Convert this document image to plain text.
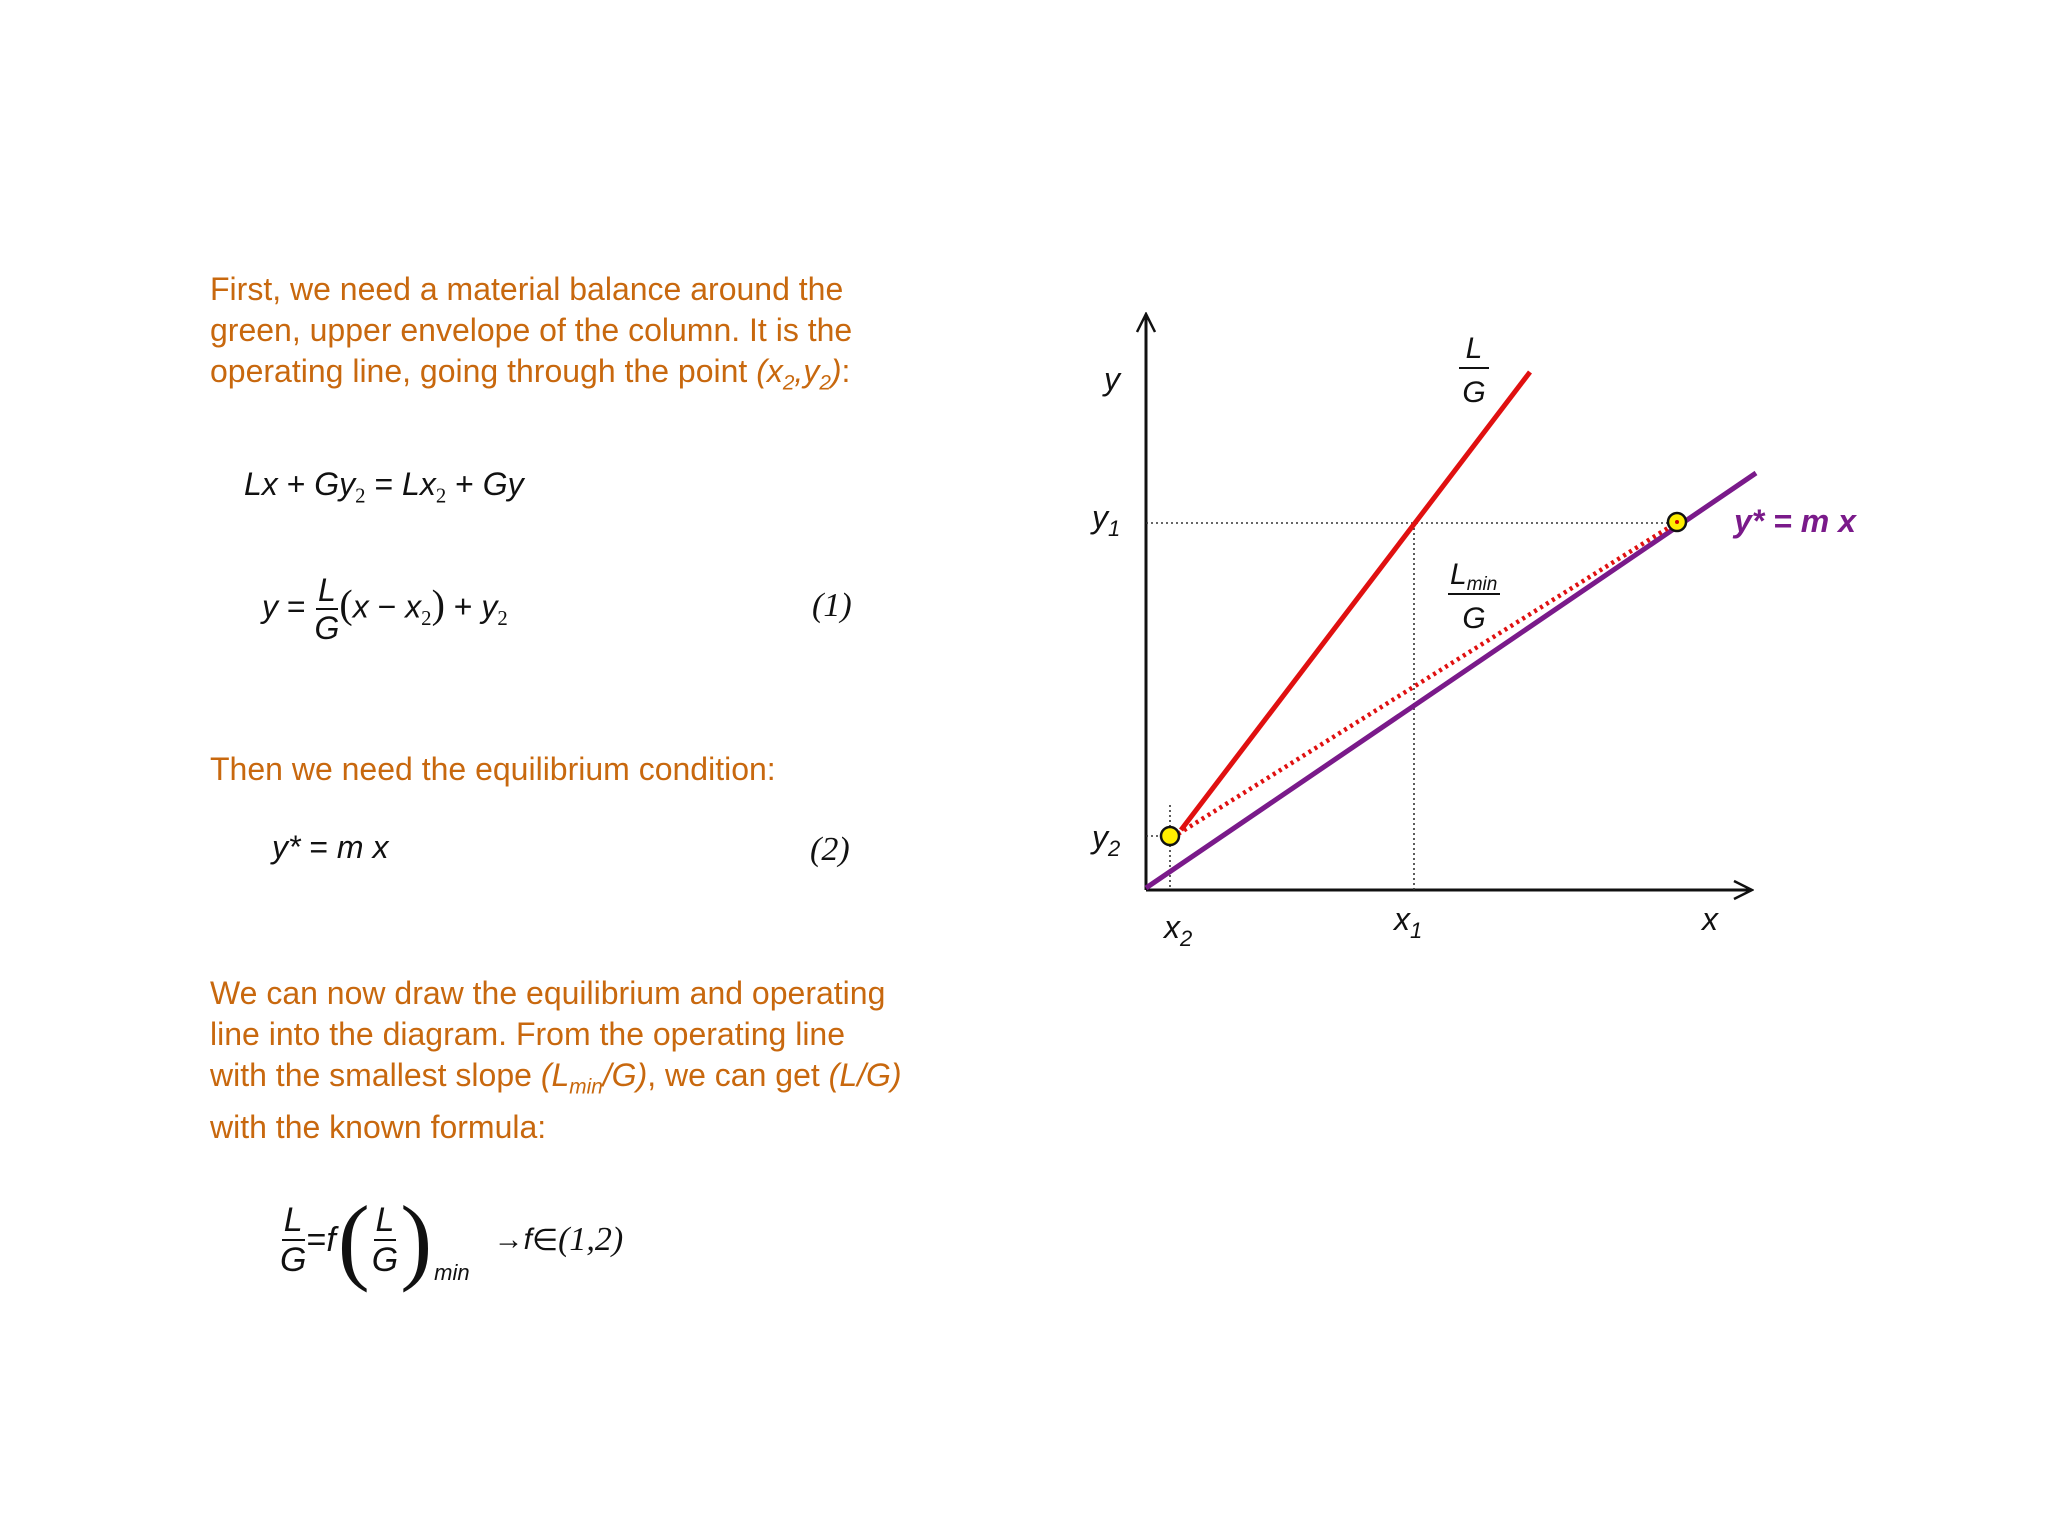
First, we need a material balance around the
green, upper envelope of the column. It is the
operating line, going through the point $(x_2,y_2)$:
$Lx + Gy_2 = Lx_2 + Gy$
$y = \frac{L}{G} (x - x_2) + y_2$	(1)
Then we need the equilibrium condition:
y* = m x	(2)
We can now draw the equilibrium and operating
line into the diagram. From the operating line
with the smallest slope $(L_{min}/G)$, we can get (L/G)
with the known formula:
$\frac{L}{G} = f$ ( $\frac{L}{G}$ ) min
→ f ∈ (1,2)
y
x
$y_1$
$y_2$
$x_1$
$x_2$
L
G
$L_{min}$
G
y* = m x
